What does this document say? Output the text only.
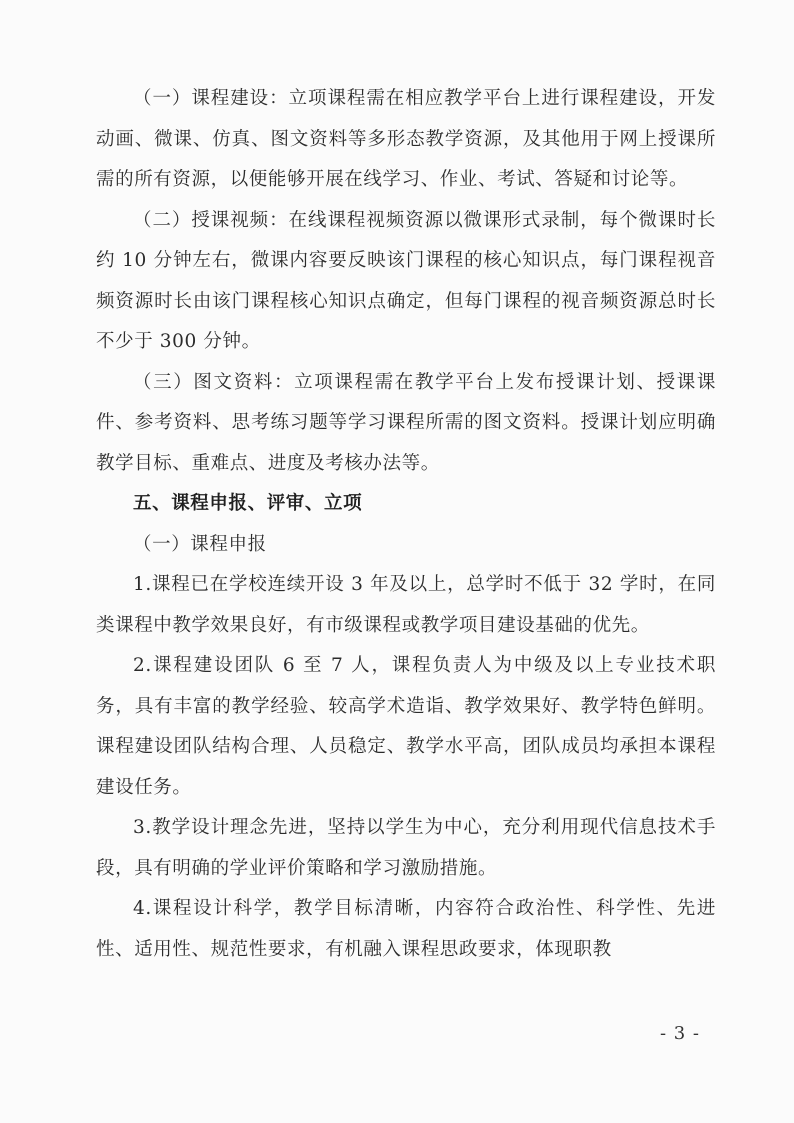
（一）课程建设：立项课程需在相应教学平台上进行课程建设，开发动画、微课、仿真、图文资料等多形态教学资源，及其他用于网上授课所需的所有资源，以便能够开展在线学习、作业、考试、答疑和讨论等。

（二）授课视频：在线课程视频资源以微课形式录制，每个微课时长约 10 分钟左右，微课内容要反映该门课程的核心知识点，每门课程视音频资源时长由该门课程核心知识点确定，但每门课程的视音频资源总时长不少于 300 分钟。

（三）图文资料：立项课程需在教学平台上发布授课计划、授课课件、参考资料、思考练习题等学习课程所需的图文资料。授课计划应明确教学目标、重难点、进度及考核办法等。

五、课程申报、评审、立项

（一）课程申报

1.课程已在学校连续开设 3 年及以上，总学时不低于 32 学时，在同类课程中教学效果良好，有市级课程或教学项目建设基础的优先。

2.课程建设团队 6 至 7 人，课程负责人为中级及以上专业技术职务，具有丰富的教学经验、较高学术造诣、教学效果好、教学特色鲜明。课程建设团队结构合理、人员稳定、教学水平高，团队成员均承担本课程建设任务。

3.教学设计理念先进，坚持以学生为中心，充分利用现代信息技术手段，具有明确的学业评价策略和学习激励措施。

4.课程设计科学，教学目标清晰，内容符合政治性、科学性、先进性、适用性、规范性要求，有机融入课程思政要求，体现职教

- 3 -
